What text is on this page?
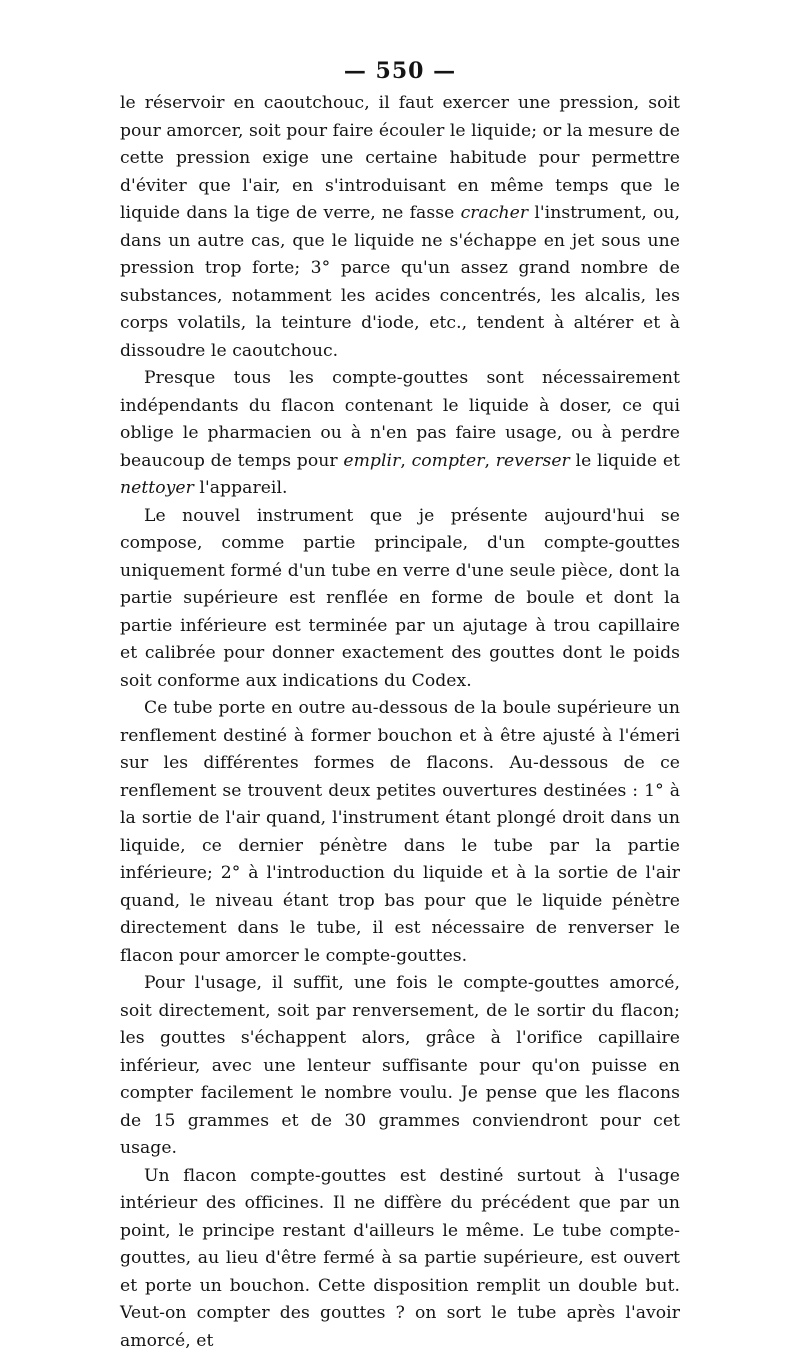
— 550 —

le réservoir en caoutchouc, il faut exercer une pression, soit pour amorcer, soit pour faire écouler le liquide; or la mesure de cette pression exige une certaine habitude pour permettre d'éviter que l'air, en s'introduisant en même temps que le liquide dans la tige de verre, ne fasse cracher l'instrument, ou, dans un autre cas, que le liquide ne s'échappe en jet sous une pression trop forte; 3° parce qu'un assez grand nombre de substances, notamment les acides concentrés, les alcalis, les corps volatils, la teinture d'iode, etc., tendent à altérer et à dissoudre le caoutchouc.

Presque tous les compte-gouttes sont nécessairement indépendants du flacon contenant le liquide à doser, ce qui oblige le pharmacien ou à n'en pas faire usage, ou à perdre beaucoup de temps pour emplir, compter, reverser le liquide et nettoyer l'appareil.

Le nouvel instrument que je présente aujourd'hui se compose, comme partie principale, d'un compte-gouttes uniquement formé d'un tube en verre d'une seule pièce, dont la partie supérieure est renflée en forme de boule et dont la partie inférieure est terminée par un ajutage à trou capillaire et calibrée pour donner exactement des gouttes dont le poids soit conforme aux indications du Codex.

Ce tube porte en outre au-dessous de la boule supérieure un renflement destiné à former bouchon et à être ajusté à l'émeri sur les différentes formes de flacons. Au-dessous de ce renflement se trouvent deux petites ouvertures destinées : 1° à la sortie de l'air quand, l'instrument étant plongé droit dans un liquide, ce dernier pénètre dans le tube par la partie inférieure; 2° à l'introduction du liquide et à la sortie de l'air quand, le niveau étant trop bas pour que le liquide pénètre directement dans le tube, il est nécessaire de renverser le flacon pour amorcer le compte-gouttes.

Pour l'usage, il suffit, une fois le compte-gouttes amorcé, soit directement, soit par renversement, de le sortir du flacon; les gouttes s'échappent alors, grâce à l'orifice capillaire inférieur, avec une lenteur suffisante pour qu'on puisse en compter facilement le nombre voulu. Je pense que les flacons de 15 grammes et de 30 grammes conviendront pour cet usage.

Un flacon compte-gouttes est destiné surtout à l'usage intérieur des officines. Il ne diffère du précédent que par un point, le principe restant d'ailleurs le même. Le tube compte-gouttes, au lieu d'être fermé à sa partie supérieure, est ouvert et porte un bouchon. Cette disposition remplit un double but. Veut-on compter des gouttes ? on sort le tube après l'avoir amorcé, et
